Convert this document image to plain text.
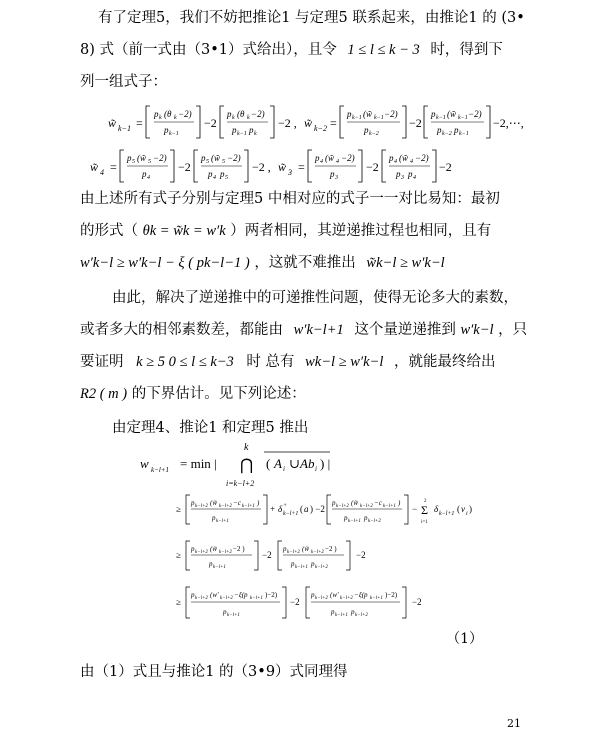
有了定理5，我们不妨把推论1 与定理5 联系起来，由推论1 的 (3•
8) 式（前一式由（3•1）式给出），且令 1 ≤ l ≤ k − 3 时，得到下
列一组式子：
w̃ k−1 =
p k (θ k −2)
p k−1
−2
p k (θ k −2)
p k−1 p k
−2 , w̃ k−2 =
p k−1 (w̃ k−1 −2)
p k−2
−2
p k−1 (w̃ k−1 −2)
p k−2 p k−1
−2,⋯,
w̃ 4 =
p 5 (w̃ 5 −2)
p 4
−2
p 5 (w̃ 5 −2)
p 4 p 5
−2 , w̃ 3 =
p 4 (w̃ 4 −2)
p 3
−2
p 4 (w̃ 4 −2)
p 3 p 4
−2
由上述所有式子分别与定理5 中相对应的式子一一对比易知：最初
的形式（ θk = w̃k = w′k ）两者相同，其逆递推过程也相同，且有
w′k−l ≥ w′k−l − ξ ( pk−l−1 ) ，这就不难推出 w̃k−l ≥ w′k−l
由此，解决了逆递推中的可递推性问题，使得无论多大的素数，
或者多大的相邻素数差，都能由 w′k−l+1 这个量逆递推到 w′k−l ，只
要证明 k ≥ 5 0 ≤ l ≤ k−3 时 总有 wk−l ≥ w′k−l ，就能最终给出
R2 ( m ) 的下界估计。见下列论述：
由定理4、推论1 和定理5 推出
w k−l+1 = min |
k
⋂
i=k−l+2
( A i ∪ Ab i ) |
≥
p k−l+2 (w̃ k−l+2 −c k−l+1 )
p k−l+1
+ δ +
k−l+1 ( a ) −2
p k−l+2 (w̃ k−l+2 −c k−l+1 )
p k−l+1 p k−l+2
−
2
Σ
i=1
δ k−l+1 ( v i )
≥
p k−l+2 (w̃ k−l+2 −2 )
p k−l+1
−2
p k−l+2 (w̃ k−l+2 −2 )
p k−l+1 p k−l+2
−2
≥
p k−l+2 (w′ k−l+2 −ξ(p k−l+1 )−2)
p k−l+1
−2
p k−l+2 (w′ k−l+2 −ξ(p k−l+1 )−2)
p k−l+1 p k−l+2
−2
（1）
由（1）式且与推论1 的（3•9）式同理得
21
